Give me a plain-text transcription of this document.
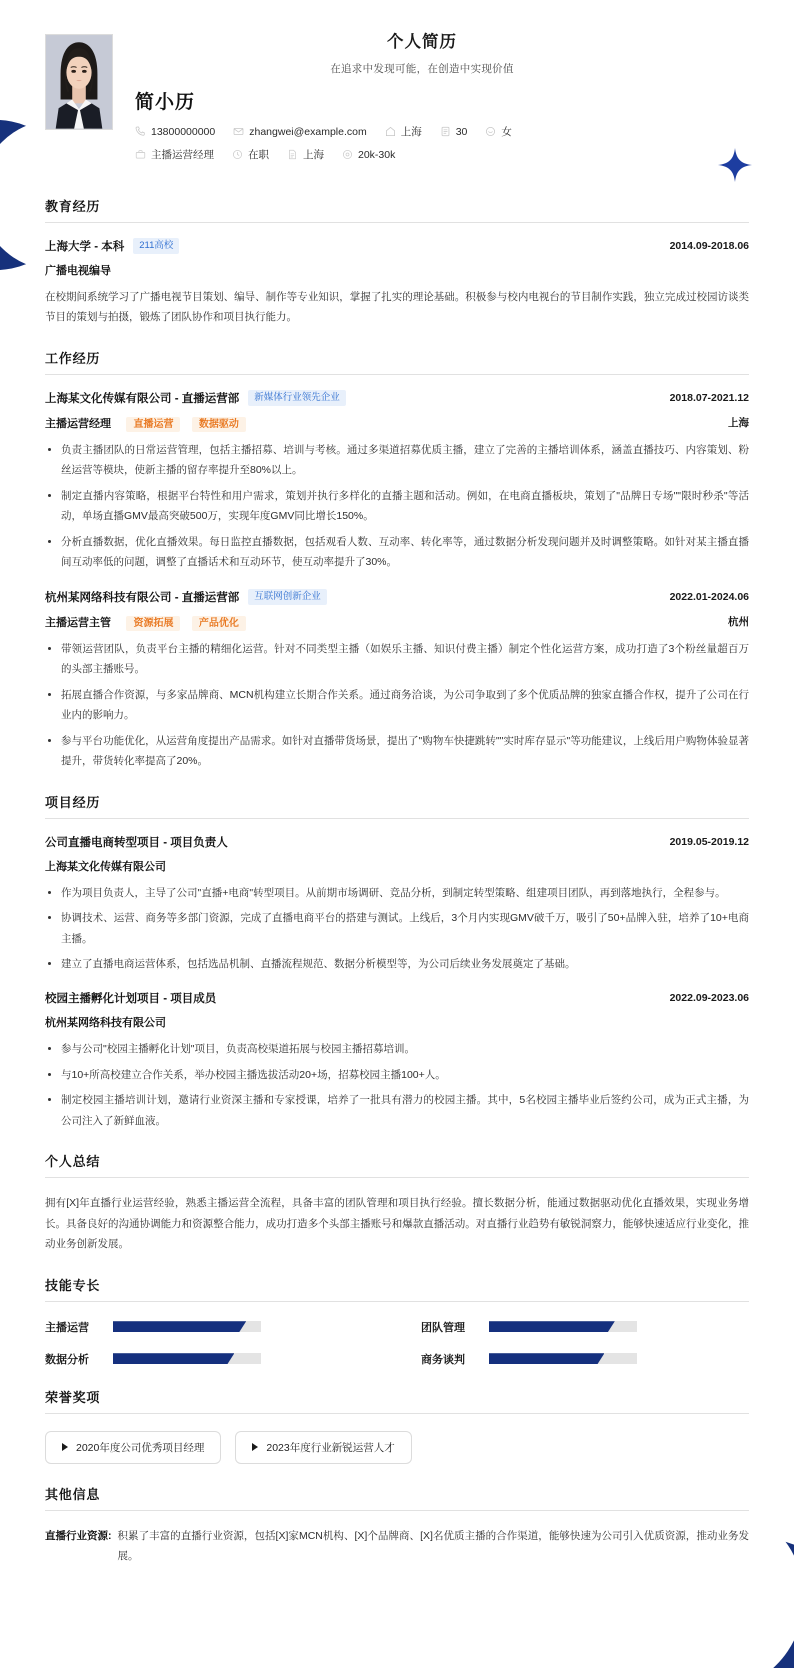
个人简历
在追求中发现可能，在创造中实现价值
简小历
13800000000	zhangwei@example.com	上海	30	女
主播运营经理	在职	上海	20k-30k
教育经历
上海大学 - 本科	211高校	2014.09-2018.06
广播电视编导
在校期间系统学习了广播电视节目策划、编导、制作等专业知识，掌握了扎实的理论基础。积极参与校内电视台的节目制作实践，独立完成过校园访谈类节目的策划与拍摄，锻炼了团队协作和项目执行能力。
工作经历
上海某文化传媒有限公司 - 直播运营部	新媒体行业领先企业	2018.07-2021.12
主播运营经理 直播运营	数据驱动	上海
负责主播团队的日常运营管理，包括主播招募、培训与考核。通过多渠道招募优质主播，建立了完善的主播培训体系，涵盖直播技巧、内容策划、粉丝运营等模块，使新主播的留存率提升至80%以上。
制定直播内容策略，根据平台特性和用户需求，策划并执行多样化的直播主题和活动。例如，在电商直播板块，策划了"品牌日专场""限时秒杀"等活动，单场直播GMV最高突破500万，实现年度GMV同比增长150%。
分析直播数据，优化直播效果。每日监控直播数据，包括观看人数、互动率、转化率等，通过数据分析发现问题并及时调整策略。如针对某主播直播间互动率低的问题，调整了直播话术和互动环节，使互动率提升了30%。
杭州某网络科技有限公司 - 直播运营部	互联网创新企业	2022.01-2024.06
主播运营主管 资源拓展	产品优化	杭州
带领运营团队，负责平台主播的精细化运营。针对不同类型主播（如娱乐主播、知识付费主播）制定个性化运营方案，成功打造了3个粉丝量超百万的头部主播账号。
拓展直播合作资源，与多家品牌商、MCN机构建立长期合作关系。通过商务洽谈，为公司争取到了多个优质品牌的独家直播合作权，提升了公司在行业内的影响力。
参与平台功能优化，从运营角度提出产品需求。如针对直播带货场景，提出了"购物车快捷跳转""实时库存显示"等功能建议，上线后用户购物体验显著提升，带货转化率提高了20%。
项目经历
公司直播电商转型项目 - 项目负责人	2019.05-2019.12
上海某文化传媒有限公司
作为项目负责人，主导了公司"直播+电商"转型项目。从前期市场调研、竞品分析，到制定转型策略、组建项目团队，再到落地执行，全程参与。
协调技术、运营、商务等多部门资源，完成了直播电商平台的搭建与测试。上线后，3个月内实现GMV破千万，吸引了50+品牌入驻，培养了10+电商主播。
建立了直播电商运营体系，包括选品机制、直播流程规范、数据分析模型等，为公司后续业务发展奠定了基础。
校园主播孵化计划项目 - 项目成员	2022.09-2023.06
杭州某网络科技有限公司
参与公司"校园主播孵化计划"项目，负责高校渠道拓展与校园主播招募培训。
与10+所高校建立合作关系，举办校园主播选拔活动20+场，招募校园主播100+人。
制定校园主播培训计划，邀请行业资深主播和专家授课，培养了一批具有潜力的校园主播。其中，5名校园主播毕业后签约公司，成为正式主播，为公司注入了新鲜血液。
个人总结
拥有[X]年直播行业运营经验，熟悉主播运营全流程，具备丰富的团队管理和项目执行经验。擅长数据分析，能通过数据驱动优化直播效果，实现业务增长。具备良好的沟通协调能力和资源整合能力，成功打造多个头部主播账号和爆款直播活动。对直播行业趋势有敏锐洞察力，能够快速适应行业变化，推动业务创新发展。
技能专长
主播运营	团队管理
数据分析	商务谈判
荣誉奖项
2020年度公司优秀项目经理	2023年度行业新锐运营人才
其他信息
直播行业资源: 积累了丰富的直播行业资源，包括[X]家MCN机构、[X]个品牌商、[X]名优质主播的合作渠道，能够快速为公司引入优质资源，推动业务发展。
